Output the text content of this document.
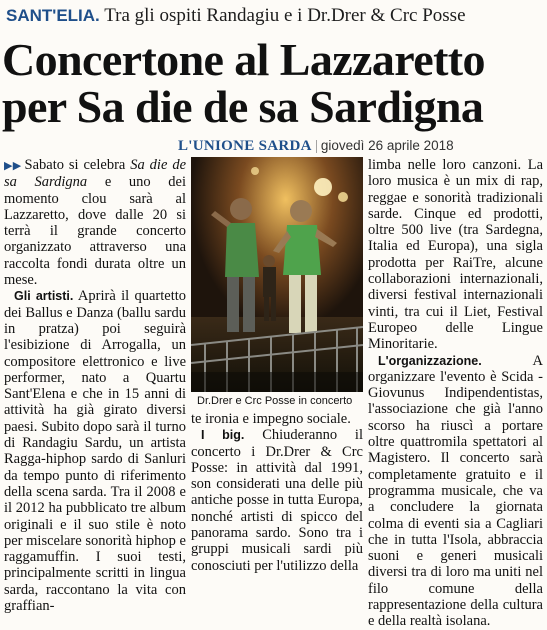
SANT'ELIA. Tra gli ospiti Randagiu e i Dr.Drer & Crc Posse
Concertone al Lazzaretto
per Sa die de sa Sardigna
L'UNIONE SARDA | giovedì 26 aprile 2018

▶▶ Sabato si celebra Sa die de sa Sardigna e uno dei momento clou sarà al Lazzaretto, dove dalle 20 si terrà il grande concerto organizzato attraverso una raccolta fondi durata oltre un mese.

Gli artisti. Aprirà il quartetto dei Ballus e Danza (ballu sardu in pratza) poi seguirà l'esibizione di Arrogalla, un compositore elettronico e live performer, nato a Quartu Sant'Elena e che in 15 anni di attività ha già girato diversi paesi. Subito dopo sarà il turno di Randagiu Sardu, un artista Ragga-hiphop sardo di Sanluri da tempo punto di riferimento della scena sarda. Tra il 2008 e il 2012 ha pubblicato tre album originali e il suo stile è noto per miscelare sonorità hiphop e raggamuffin. I suoi testi, principalmente scritti in lingua sarda, raccontano la vita con graffian-

Dr.Drer e Crc Posse in concerto

te ironia e impegno sociale.

I big. Chiuderanno il concerto i Dr.Drer & Crc Posse: in attività dal 1991, son considerati una delle più antiche posse in tutta Europa, nonché artisti di spicco del panorama sardo. Sono tra i gruppi musicali sardi più conosciuti per l'utilizzo della

limba nelle loro canzoni. La loro musica è un mix di rap, reggae e sonorità tradizionali sarde. Cinque ed prodotti, oltre 500 live (tra Sardegna, Italia ed Europa), una sigla prodotta per RaiTre, alcune collaborazioni internazionali, diversi festival internazionali vinti, tra cui il Liet, Festival Europeo delle Lingue Minoritarie.

L'organizzazione.	A organizzare l'evento è Scida - Giovunus Indipendentistas, l'associazione che già l'anno scorso ha riuscì a portare oltre quattromila spettatori al Magistero. Il concerto sarà completamente gratuito e il programma musicale, che va a concludere la giornata colma di eventi sia a Cagliari che in tutta l'Isola, abbraccia suoni e generi musicali diversi tra di loro ma uniti nel filo comune della rappresentazione della cultura e della realtà isolana.
